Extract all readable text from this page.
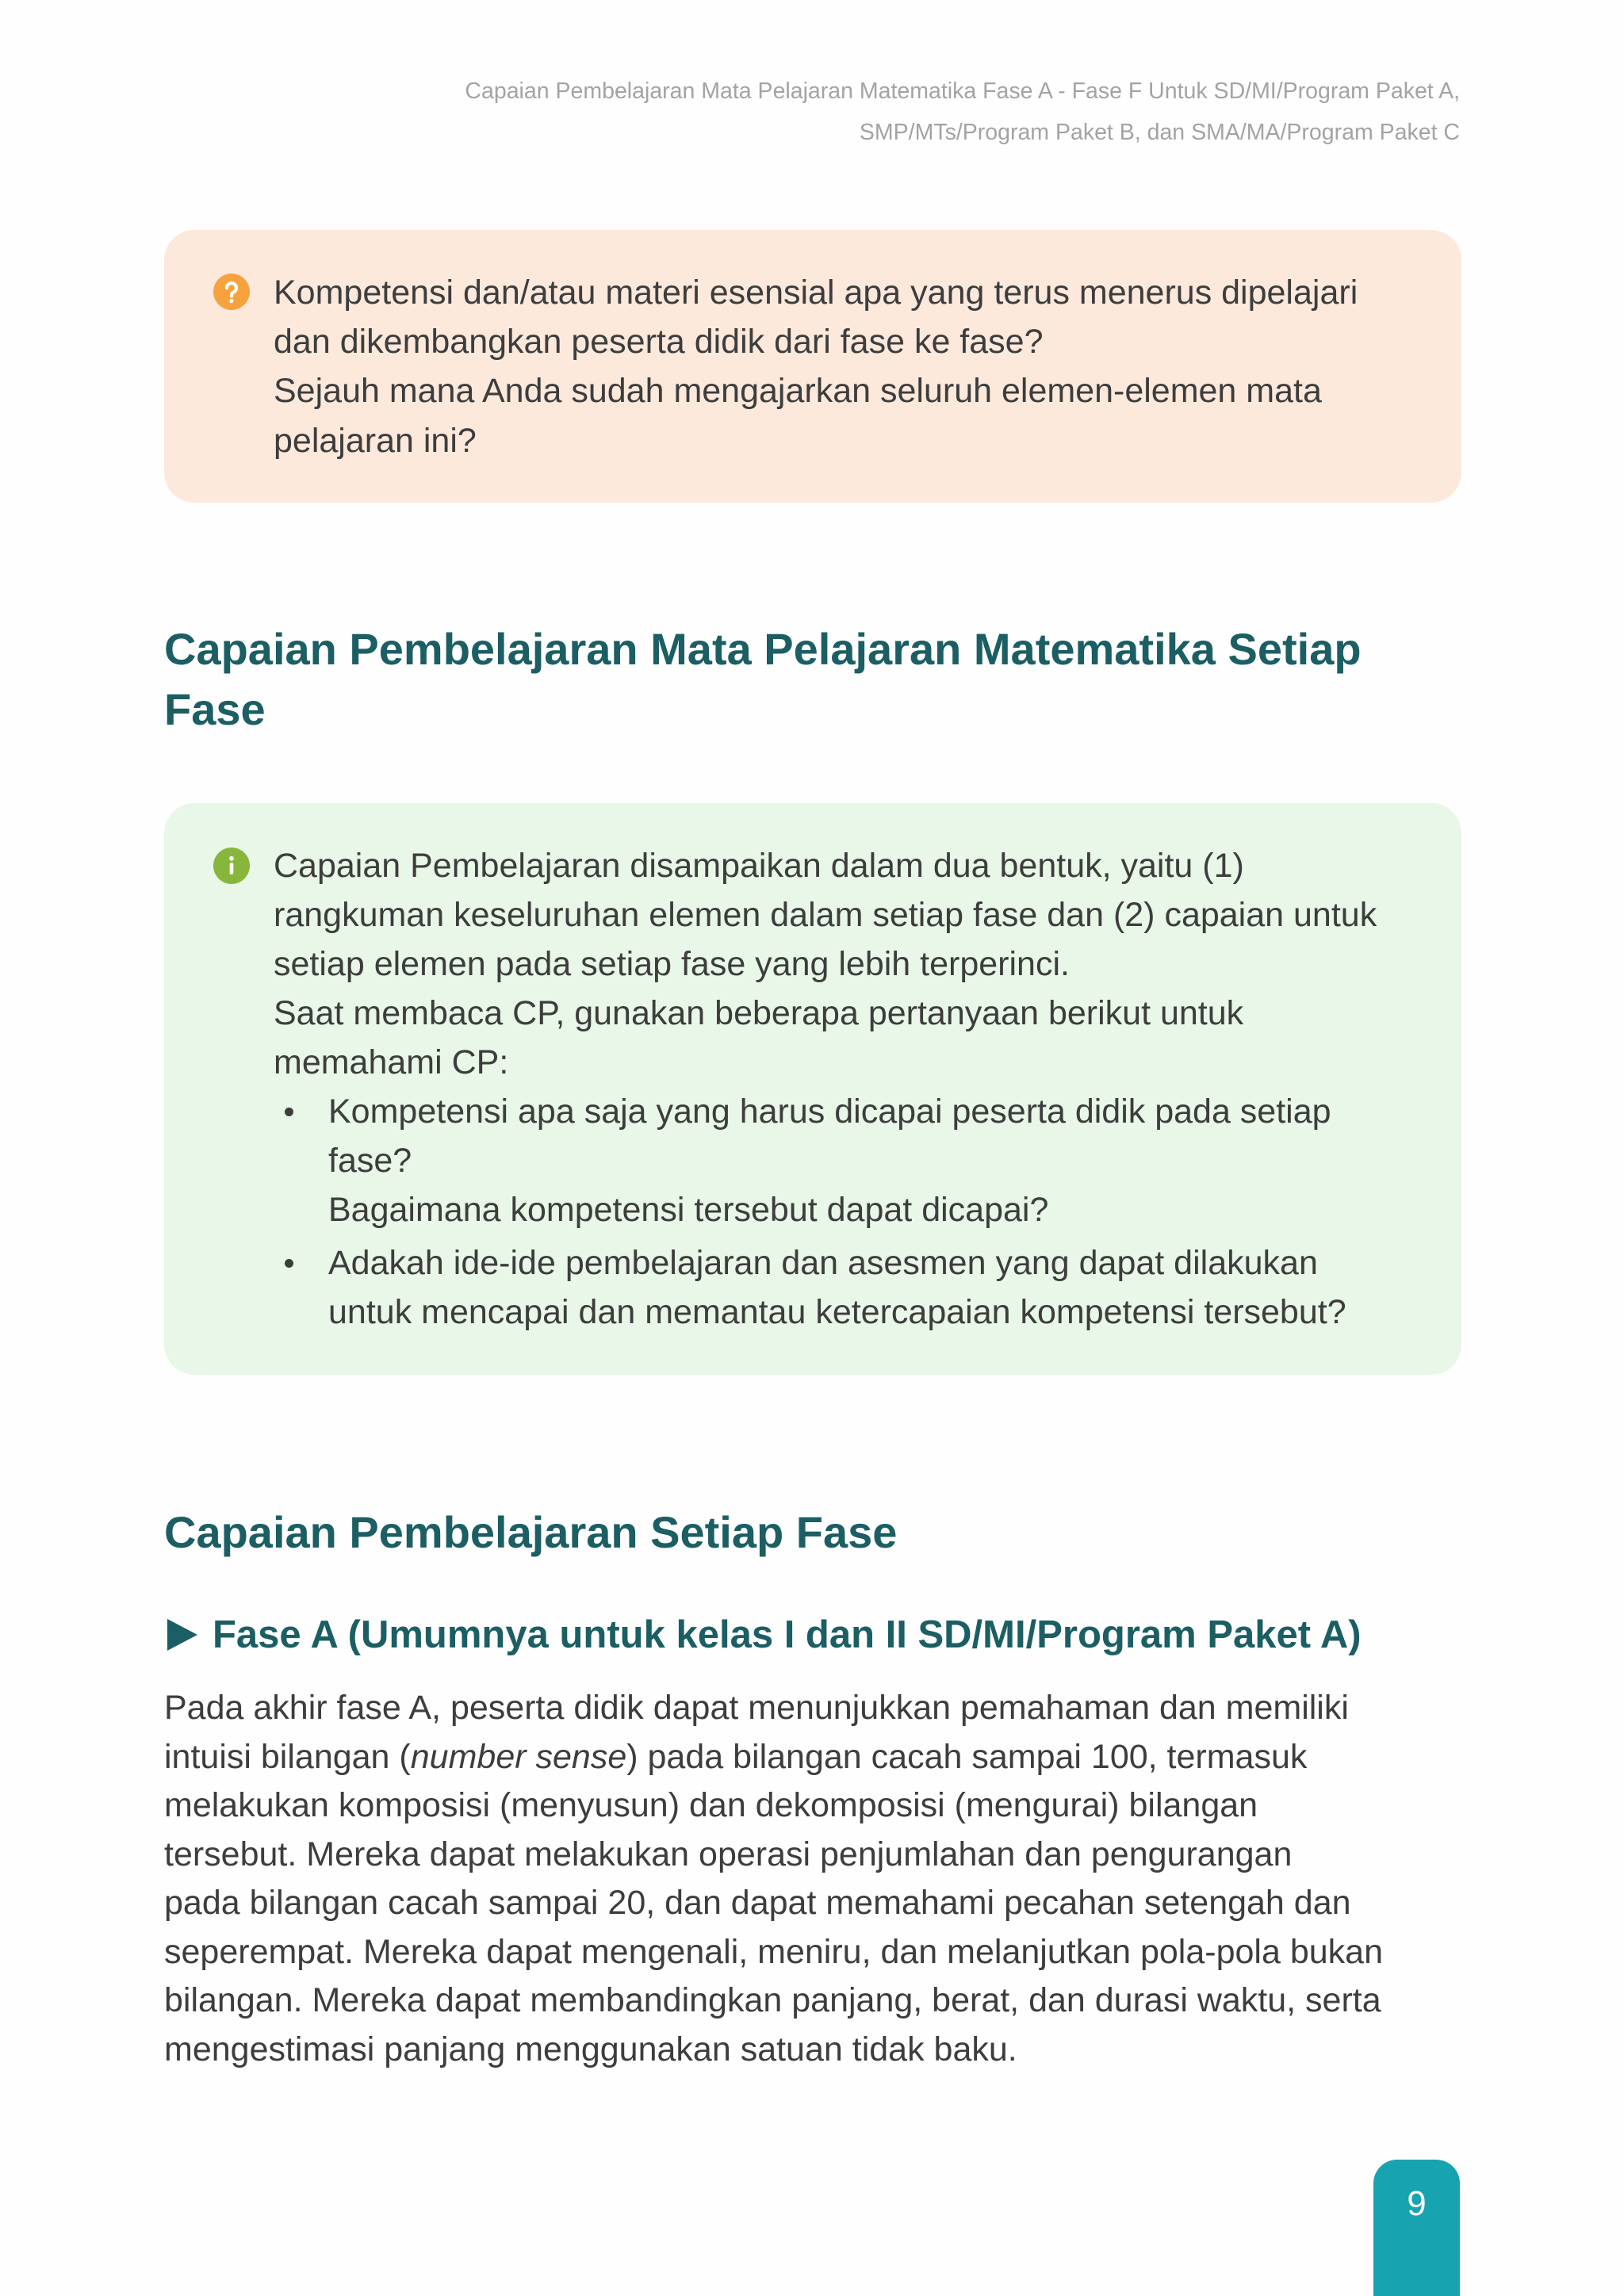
Capaian Pembelajaran Mata Pelajaran Matematika Fase A - Fase F Untuk SD/MI/Program Paket A,
SMP/MTs/Program Paket B, dan SMA/MA/Program Paket C
Kompetensi dan/atau materi esensial apa yang terus menerus dipelajari
dan dikembangkan peserta didik dari fase ke fase?
Sejauh mana Anda sudah mengajarkan seluruh elemen-elemen mata
pelajaran ini?
Capaian Pembelajaran Mata Pelajaran Matematika Setiap Fase
Capaian Pembelajaran disampaikan dalam dua bentuk, yaitu (1)
rangkuman keseluruhan elemen dalam setiap fase dan (2) capaian untuk
setiap elemen pada setiap fase yang lebih terperinci.
Saat membaca CP, gunakan beberapa pertanyaan berikut untuk
memahami CP:
Kompetensi apa saja yang harus dicapai peserta didik pada setiap
fase?
Bagaimana kompetensi tersebut dapat dicapai?
Adakah ide-ide pembelajaran dan asesmen yang dapat dilakukan
untuk mencapai dan memantau ketercapaian kompetensi tersebut?
Capaian Pembelajaran Setiap Fase
Fase A (Umumnya untuk kelas I dan II SD/MI/Program Paket A)
Pada akhir fase A, peserta didik dapat menunjukkan pemahaman dan memiliki
intuisi bilangan (number sense) pada bilangan cacah sampai 100, termasuk
melakukan komposisi (menyusun) dan dekomposisi (mengurai) bilangan
tersebut. Mereka dapat melakukan operasi penjumlahan dan pengurangan
pada bilangan cacah sampai 20, dan dapat memahami pecahan setengah dan
seperempat. Mereka dapat mengenali, meniru, dan melanjutkan pola-pola bukan
bilangan. Mereka dapat membandingkan panjang, berat, dan durasi waktu, serta
mengestimasi panjang menggunakan satuan tidak baku.
9
